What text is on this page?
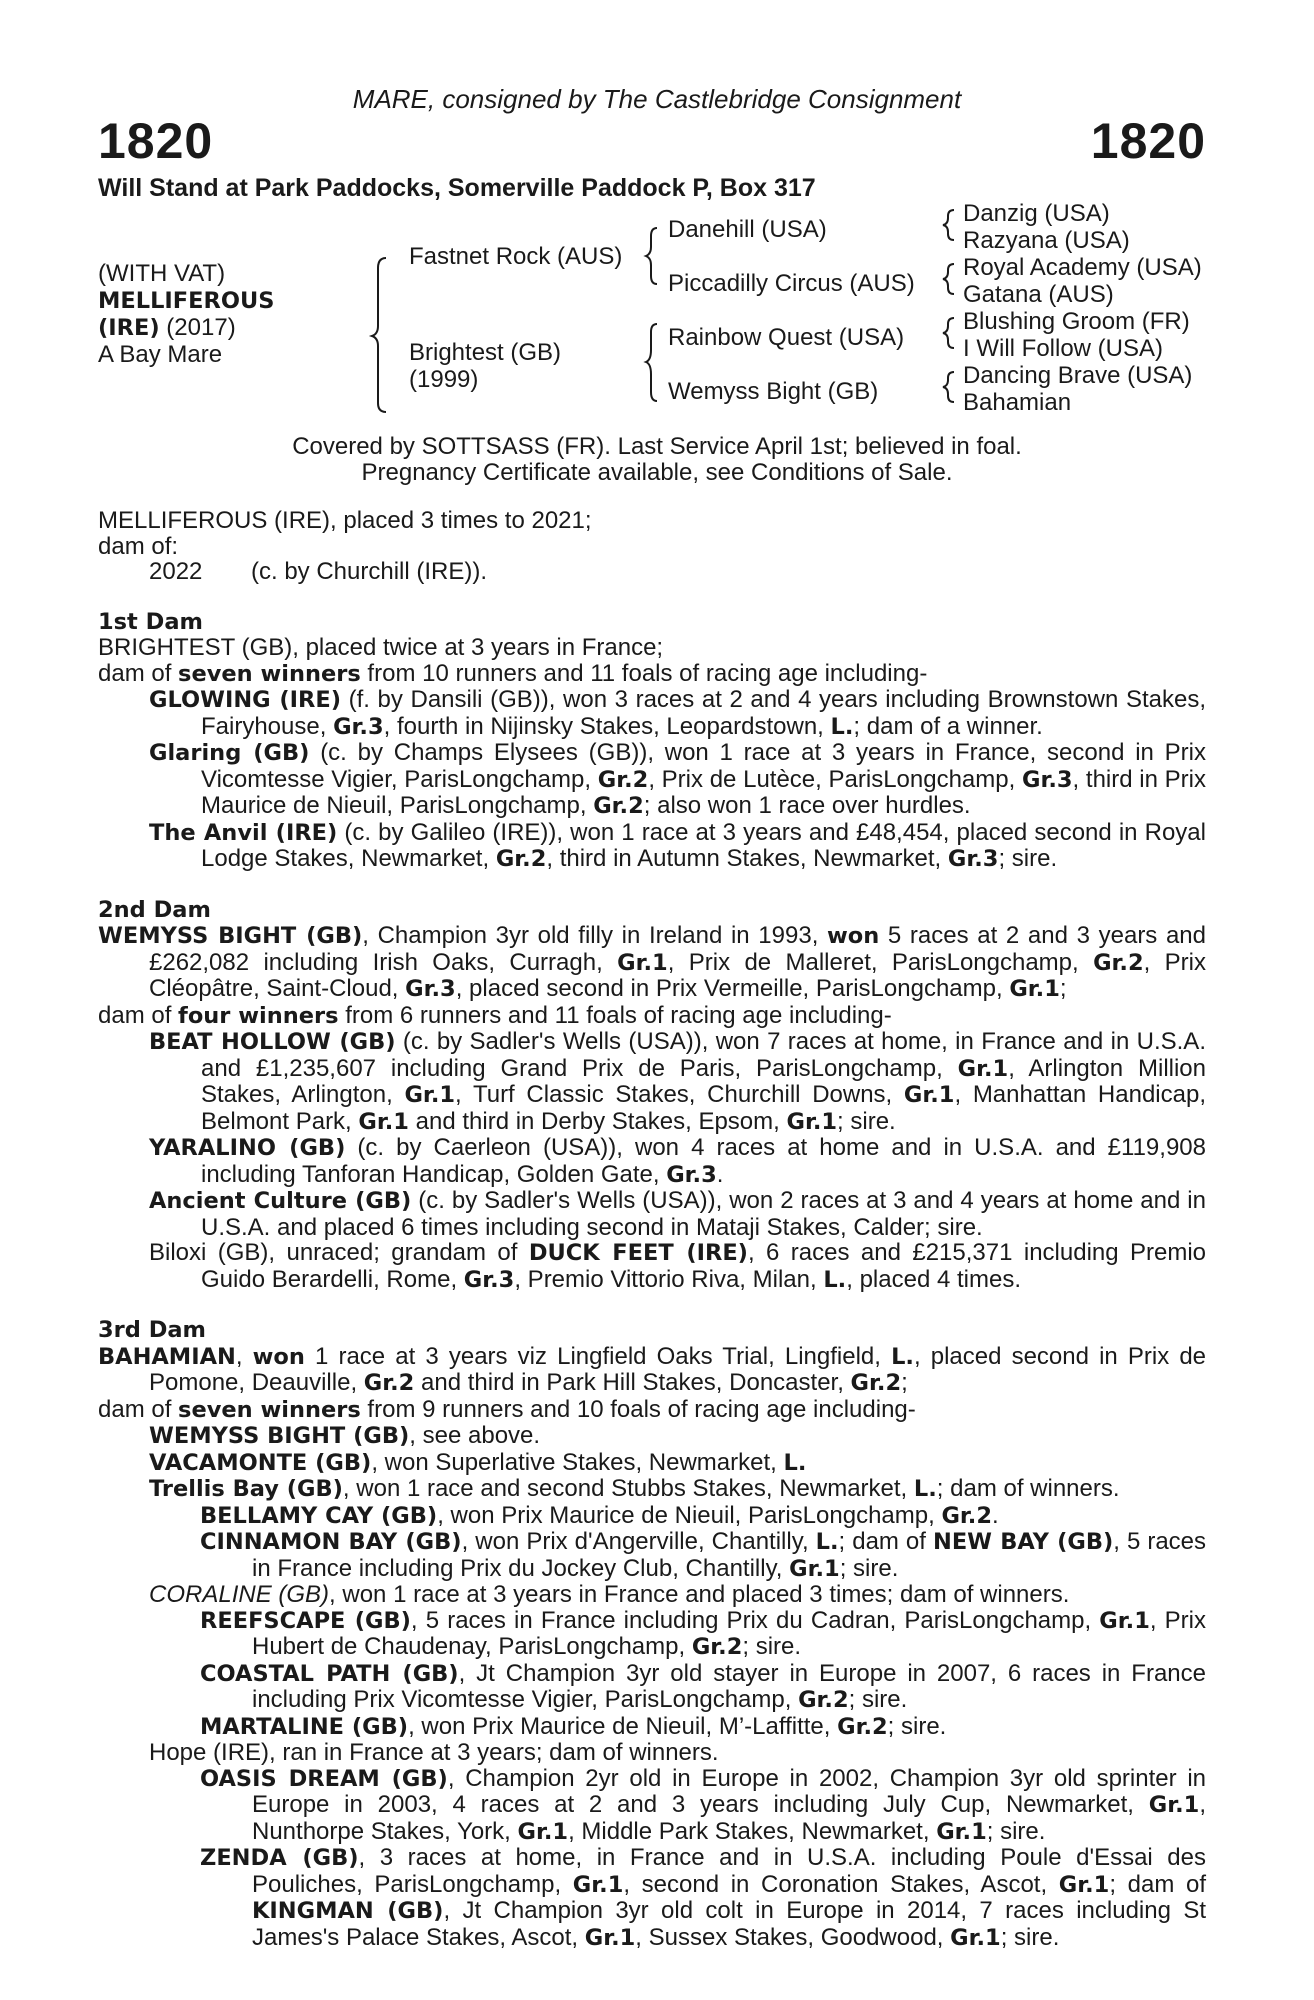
MARE, consigned by The Castlebridge Consignment
1820	1820
Will Stand at Park Paddocks, Somerville Paddock P, Box 317
(WITH VAT)
MELLIFEROUS
(IRE) (2017)
A Bay Mare
Fastnet Rock (AUS)
Brightest (GB)
(1999)
Danehill (USA)
Piccadilly Circus (AUS)
Rainbow Quest (USA)
Wemyss Bight (GB)
Danzig (USA)
Razyana (USA)
Royal Academy (USA)
Gatana (AUS)
Blushing Groom (FR)
I Will Follow (USA)
Dancing Brave (USA)
Bahamian
Covered by SOTTSASS (FR). Last Service April 1st; believed in foal.
Pregnancy Certificate available, see Conditions of Sale.

MELLIFEROUS (IRE), placed 3 times to 2021;

dam of:

2022 (c. by Churchill (IRE)).

1st Dam

BRIGHTEST (GB), placed twice at 3 years in France;

dam of seven winners from 10 runners and 11 foals of racing age including-

GLOWING (IRE) (f. by Dansili (GB)), won 3 races at 2 and 4 years including Brownstown Stakes, Fairyhouse, Gr.3, fourth in Nijinsky Stakes, Leopardstown, L.; dam of a winner.

Glaring (GB) (c. by Champs Elysees (GB)), won 1 race at 3 years in France, second in Prix Vicomtesse Vigier, ParisLongchamp, Gr.2, Prix de Lutèce, ParisLongchamp, Gr.3, third in Prix Maurice de Nieuil, ParisLongchamp, Gr.2; also won 1 race over hurdles.

The Anvil (IRE) (c. by Galileo (IRE)), won 1 race at 3 years and £48,454, placed second in Royal Lodge Stakes, Newmarket, Gr.2, third in Autumn Stakes, Newmarket, Gr.3; sire.

2nd Dam

WEMYSS BIGHT (GB), Champion 3yr old filly in Ireland in 1993, won 5 races at 2 and 3 years and £262,082 including Irish Oaks, Curragh, Gr.1, Prix de Malleret, ParisLongchamp, Gr.2, Prix Cléopâtre, Saint-Cloud, Gr.3, placed second in Prix Vermeille, ParisLongchamp, Gr.1;

dam of four winners from 6 runners and 11 foals of racing age including-

BEAT HOLLOW (GB) (c. by Sadler's Wells (USA)), won 7 races at home, in France and in U.S.A. and £1,235,607 including Grand Prix de Paris, ParisLongchamp, Gr.1, Arlington Million Stakes, Arlington, Gr.1, Turf Classic Stakes, Churchill Downs, Gr.1, Manhattan Handicap, Belmont Park, Gr.1 and third in Derby Stakes, Epsom, Gr.1; sire.

YARALINO (GB) (c. by Caerleon (USA)), won 4 races at home and in U.S.A. and £119,908 including Tanforan Handicap, Golden Gate, Gr.3.

Ancient Culture (GB) (c. by Sadler's Wells (USA)), won 2 races at 3 and 4 years at home and in U.S.A. and placed 6 times including second in Mataji Stakes, Calder; sire.

Biloxi (GB), unraced; grandam of DUCK FEET (IRE), 6 races and £215,371 including Premio Guido Berardelli, Rome, Gr.3, Premio Vittorio Riva, Milan, L., placed 4 times.

3rd Dam

BAHAMIAN, won 1 race at 3 years viz Lingfield Oaks Trial, Lingfield, L., placed second in Prix de Pomone, Deauville, Gr.2 and third in Park Hill Stakes, Doncaster, Gr.2;

dam of seven winners from 9 runners and 10 foals of racing age including-

WEMYSS BIGHT (GB), see above.

VACAMONTE (GB), won Superlative Stakes, Newmarket, L.

Trellis Bay (GB), won 1 race and second Stubbs Stakes, Newmarket, L.; dam of winners.

BELLAMY CAY (GB), won Prix Maurice de Nieuil, ParisLongchamp, Gr.2.

CINNAMON BAY (GB), won Prix d'Angerville, Chantilly, L.; dam of NEW BAY (GB), 5 races in France including Prix du Jockey Club, Chantilly, Gr.1; sire.

CORALINE (GB), won 1 race at 3 years in France and placed 3 times; dam of winners.

REEFSCAPE (GB), 5 races in France including Prix du Cadran, ParisLongchamp, Gr.1, Prix Hubert de Chaudenay, ParisLongchamp, Gr.2; sire.

COASTAL PATH (GB), Jt Champion 3yr old stayer in Europe in 2007, 6 races in France including Prix Vicomtesse Vigier, ParisLongchamp, Gr.2; sire.

MARTALINE (GB), won Prix Maurice de Nieuil, M’-Laffitte, Gr.2; sire.

Hope (IRE), ran in France at 3 years; dam of winners.

OASIS DREAM (GB), Champion 2yr old in Europe in 2002, Champion 3yr old sprinter in Europe in 2003, 4 races at 2 and 3 years including July Cup, Newmarket, Gr.1, Nunthorpe Stakes, York, Gr.1, Middle Park Stakes, Newmarket, Gr.1; sire.

ZENDA (GB), 3 races at home, in France and in U.S.A. including Poule d'Essai des Pouliches, ParisLongchamp, Gr.1, second in Coronation Stakes, Ascot, Gr.1; dam of KINGMAN (GB), Jt Champion 3yr old colt in Europe in 2014, 7 races including St James's Palace Stakes, Ascot, Gr.1, Sussex Stakes, Goodwood, Gr.1; sire.
